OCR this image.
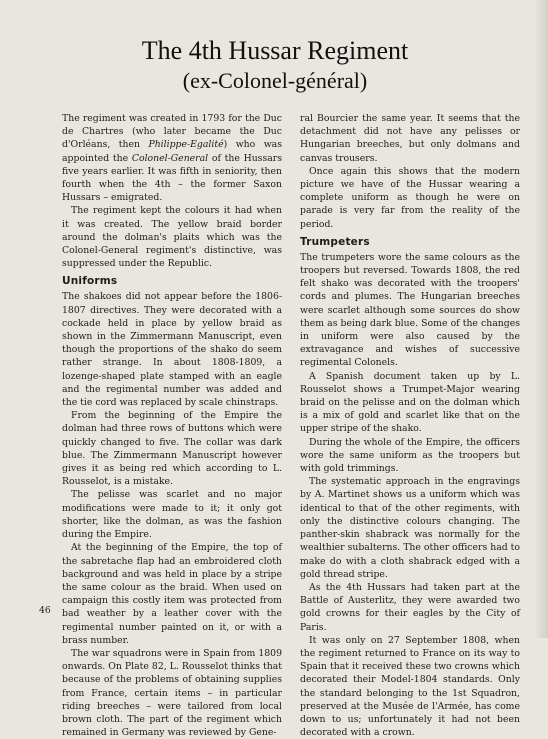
The 4th Hussar Regiment
(ex-Colonel-général)

The regiment was created in 1793 for the Duc de Chartres (who later became the Duc d'Orléans, then Philippe-Egalité) who was appointed the Colonel-General of the Hussars five years earlier. It was fifth in seniority, then fourth when the 4th – the former Saxon Hussars – emigrated.

The regiment kept the colours it had when it was created. The yellow braid border around the dolman's plaits which was the Colonel-General regiment's distinctive, was suppressed under the Republic.

Uniforms

The shakoes did not appear before the 1806-1807 directives. They were decorated with a cockade held in place by yellow braid as shown in the Zimmermann Manuscript, even though the proportions of the shako do seem rather strange. In about 1808-1809, a lozenge-shaped plate stamped with an eagle and the regimental number was added and the tie cord was replaced by scale chinstraps.

From the beginning of the Empire the dolman had three rows of buttons which were quickly changed to five. The collar was dark blue. The Zimmermann Manuscript however gives it as being red which according to L. Rousselot, is a mistake.

The pelisse was scarlet and no major modifications were made to it; it only got shorter, like the dolman, as was the fashion during the Empire.

At the beginning of the Empire, the top of the sabretache flap had an embroidered cloth background and was held in place by a stripe the same colour as the braid. When used on campaign this costly item was protected from bad weather by a leather cover with the regimental number painted on it, or with a brass number.

The war squadrons were in Spain from 1809 onwards. On Plate 82, L. Rousselot thinks that because of the problems of obtaining supplies from France, certain items – in particular riding breeches – were tailored from local brown cloth. The part of the regiment which remained in Germany was reviewed by Gene-

ral Bourcier the same year. It seems that the detachment did not have any pelisses or Hungarian breeches, but only dolmans and canvas trousers.

Once again this shows that the modern picture we have of the Hussar wearing a complete uniform as though he were on parade is very far from the reality of the period.

Trumpeters

The trumpeters wore the same colours as the troopers but reversed. Towards 1808, the red felt shako was decorated with the troopers' cords and plumes. The Hungarian breeches were scarlet although some sources do show them as being dark blue. Some of the changes in uniform were also caused by the extravagance and wishes of successive regimental Colonels.

A Spanish document taken up by L. Rousselot shows a Trumpet-Major wearing braid on the pelisse and on the dolman which is a mix of gold and scarlet like that on the upper stripe of the shako.

During the whole of the Empire, the officers wore the same uniform as the troopers but with gold trimmings.

The systematic approach in the engravings by A. Martinet shows us a uniform which was identical to that of the other regiments, with only the distinctive colours changing. The panther-skin shabrack was normally for the wealthier subalterns. The other officers had to make do with a cloth shabrack edged with a gold thread stripe.

As the 4th Hussars had taken part at the Battle of Austerlitz, they were awarded two gold crowns for their eagles by the City of Paris.

It was only on 27 September 1808, when the regiment returned to France on its way to Spain that it received these two crowns which decorated their Model-1804 standards. Only the standard belonging to the 1st Squadron, preserved at the Musée de l'Armée, has come down to us; unfortunately it had not been decorated with a crown.

46
